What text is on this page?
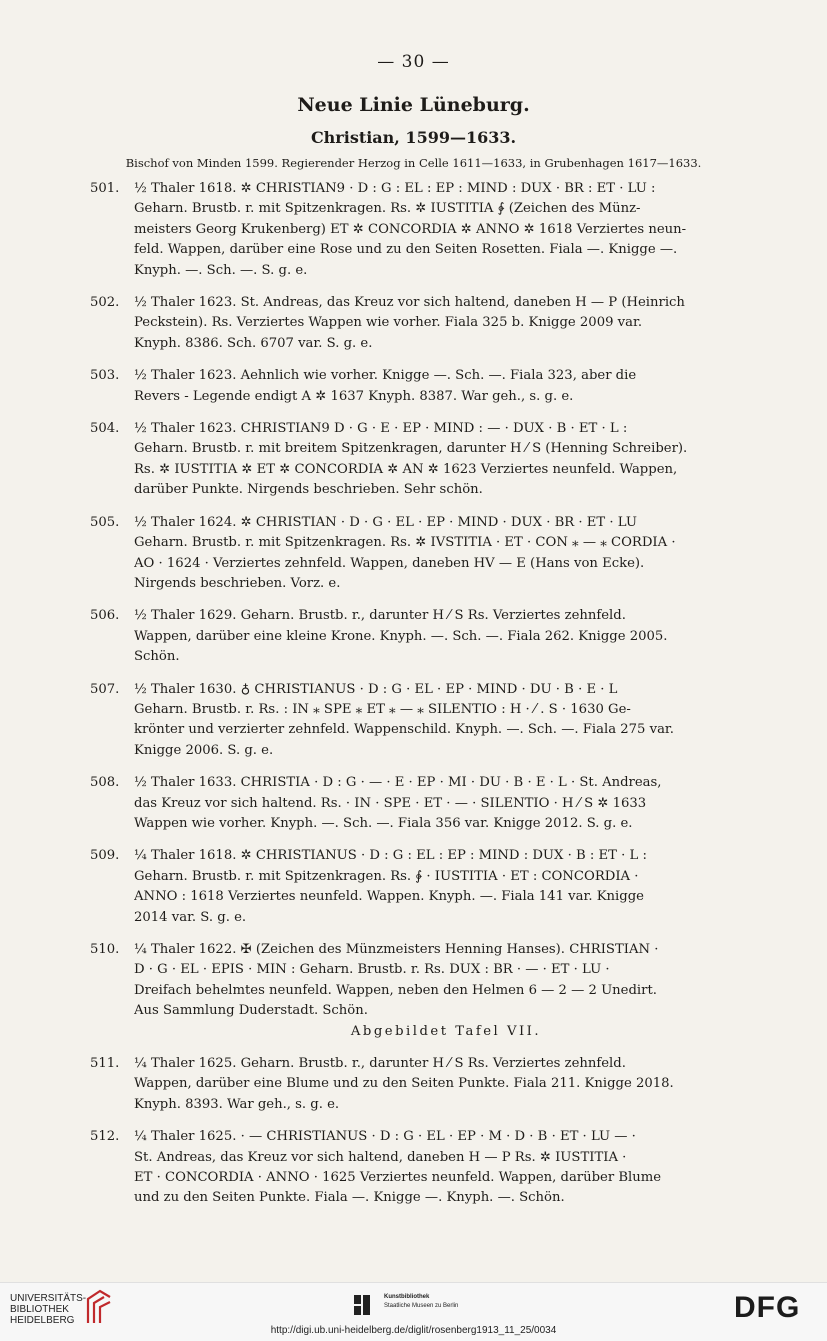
— 30 —
Neue Linie Lüneburg.
Christian, 1599—1633.
Bischof von Minden 1599. Regierender Herzog in Celle 1611—1633, in Grubenhagen 1617—1633.
501. ½ Thaler 1618. ✲ CHRISTIAN9 · D : G : EL : EP : MIND : DUX · BR : ET · LU :
Geharn. Brustb. r. mit Spitzenkragen. Rs. ✲ IUSTITIA ∲ (Zeichen des Münz-
meisters Georg Krukenberg) ET ✲ CONCORDIA ✲ ANNO ✲ 1618 Verziertes neun-
feld. Wappen, darüber eine Rose und zu den Seiten Rosetten. Fiala —. Knigge —.
Knyph. —. Sch. —. S. g. e.
502. ½ Thaler 1623. St. Andreas, das Kreuz vor sich haltend, daneben H — P (Heinrich
Peckstein). Rs. Verziertes Wappen wie vorher. Fiala 325 b. Knigge 2009 var.
Knyph. 8386. Sch. 6707 var. S. g. e.
503. ½ Thaler 1623. Aehnlich wie vorher. Knigge —. Sch. —. Fiala 323, aber die
Revers - Legende endigt A ✲ 1637 Knyph. 8387. War geh., s. g. e.
504. ½ Thaler 1623. CHRISTIAN9 D · G · E · EP · MIND : — · DUX · B · ET · L :
Geharn. Brustb. r. mit breitem Spitzenkragen, darunter H ⁄ S (Henning Schreiber).
Rs. ✲ IUSTITIA ✲ ET ✲ CONCORDIA ✲ AN ✲ 1623 Verziertes neunfeld. Wappen,
darüber Punkte. Nirgends beschrieben. Sehr schön.
505. ½ Thaler 1624. ✲ CHRISTIAN · D · G · EL · EP · MIND · DUX · BR · ET · LU
Geharn. Brustb. r. mit Spitzenkragen. Rs. ✲ IVSTITIA · ET · CON ⁎ — ⁎ CORDIA ·
AO · 1624 · Verziertes zehnfeld. Wappen, daneben HV — E (Hans von Ecke).
Nirgends beschrieben. Vorz. e.
506. ½ Thaler 1629. Geharn. Brustb. r., darunter H ⁄ S Rs. Verziertes zehnfeld.
Wappen, darüber eine kleine Krone. Knyph. —. Sch. —. Fiala 262. Knigge 2005.
Schön.
507. ½ Thaler 1630. ♁ CHRISTIANUS · D : G · EL · EP · MIND · DU · B · E · L
Geharn. Brustb. r. Rs. : IN ⁎ SPE ⁎ ET ⁎ — ⁎ SILENTIO : H · ⁄ . S · 1630 Ge-
krönter und verzierter zehnfeld. Wappenschild. Knyph. —. Sch. —. Fiala 275 var.
Knigge 2006. S. g. e.
508. ½ Thaler 1633. CHRISTIA · D : G · — · E · EP · MI · DU · B · E · L · St. Andreas,
das Kreuz vor sich haltend. Rs. · IN · SPE · ET · — · SILENTIO · H ⁄ S ✲ 1633
Wappen wie vorher. Knyph. —. Sch. —. Fiala 356 var. Knigge 2012. S. g. e.
509. ¼ Thaler 1618. ✲ CHRISTIANUS · D : G : EL : EP : MIND : DUX · B : ET · L :
Geharn. Brustb. r. mit Spitzenkragen. Rs. ∲ · IUSTITIA · ET : CONCORDIA ·
ANNO : 1618 Verziertes neunfeld. Wappen. Knyph. —. Fiala 141 var. Knigge
2014 var. S. g. e.
510. ¼ Thaler 1622. ✠ (Zeichen des Münzmeisters Henning Hanses). CHRISTIAN ·
D · G · EL · EPIS · MIN : Geharn. Brustb. r. Rs. DUX : BR · — · ET · LU ·
Dreifach behelmtes neunfeld. Wappen, neben den Helmen 6 — 2 — 2 Unedirt.
Aus Sammlung Duderstadt. Schön.
Abgebildet Tafel VII.
511. ¼ Thaler 1625. Geharn. Brustb. r., darunter H ⁄ S Rs. Verziertes zehnfeld.
Wappen, darüber eine Blume und zu den Seiten Punkte. Fiala 211. Knigge 2018.
Knyph. 8393. War geh., s. g. e.
512. ¼ Thaler 1625. · — CHRISTIANUS · D : G · EL · EP · M · D · B · ET · LU — ·
St. Andreas, das Kreuz vor sich haltend, daneben H — P Rs. ✲ IUSTITIA ·
ET · CONCORDIA · ANNO · 1625 Verziertes neunfeld. Wappen, darüber Blume
und zu den Seiten Punkte. Fiala —. Knigge —. Knyph. —. Schön.
UNIVERSITÄTS-
BIBLIOTHEK
HEIDELBERG
Kunstbibliothek
Staatliche Museen zu Berlin	DFG
http://digi.ub.uni-heidelberg.de/diglit/rosenberg1913_11_25/0034
